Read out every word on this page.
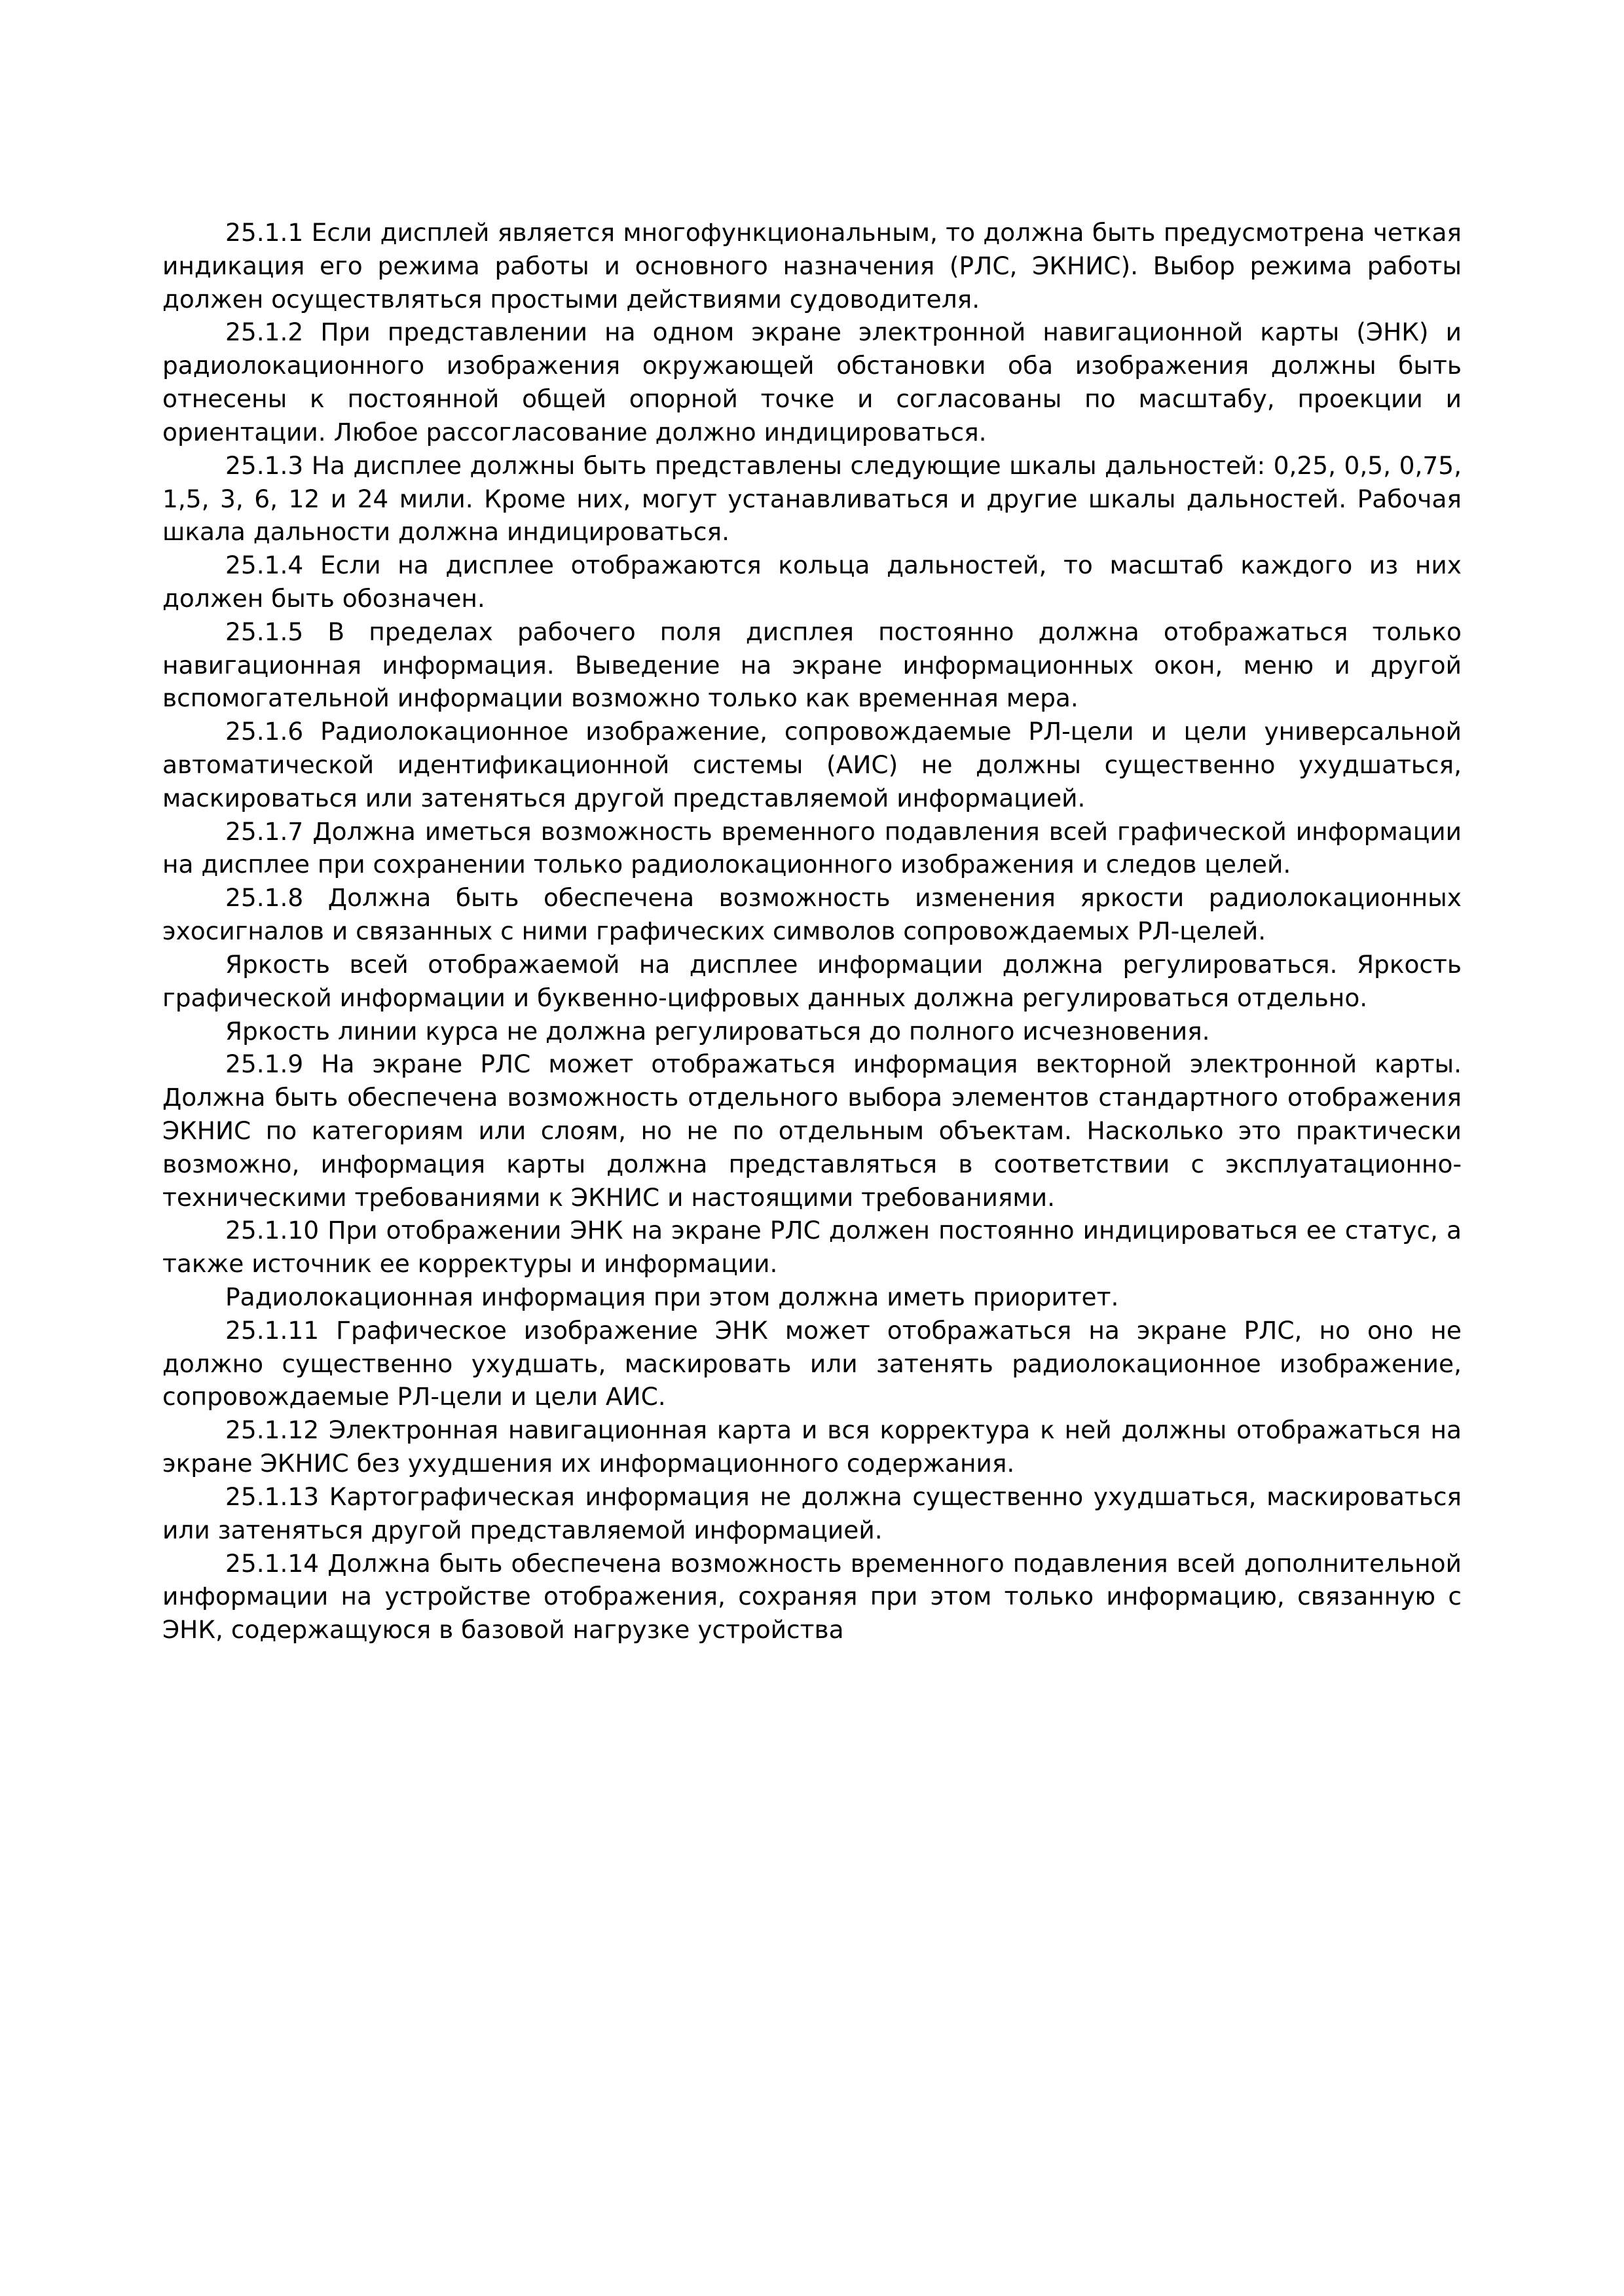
25.1.1 Если дисплей является многофункциональным, то должна быть предусмотрена четкая индикация его режима работы и основного назначения (РЛС, ЭКНИС). Выбор режима работы должен осуществляться простыми действиями судоводителя.

25.1.2 При представлении на одном экране электронной навигационной карты (ЭНК) и радиолокационного изображения окружающей обстановки оба изображения должны быть отнесены к постоянной общей опорной точке и согласованы по масштабу, проекции и ориентации. Любое рассогласование должно индицироваться.

25.1.3 На дисплее должны быть представлены следующие шкалы дальностей: 0,25, 0,5, 0,75, 1,5, 3, 6, 12 и 24 мили. Кроме них, могут устанавливаться и другие шкалы дальностей. Рабочая шкала дальности должна индицироваться.

25.1.4 Если на дисплее отображаются кольца дальностей, то масштаб каждого из них должен быть обозначен.

25.1.5 В пределах рабочего поля дисплея постоянно должна отображаться только навигационная информация. Выведение на экране информационных окон, меню и другой вспомогательной информации возможно только как временная мера.

25.1.6 Радиолокационное изображение, сопровождаемые РЛ-цели и цели универсальной автоматической идентификационной системы (АИС) не должны существенно ухудшаться, маскироваться или затеняться другой представляемой информацией.

25.1.7 Должна иметься возможность временного подавления всей графической информации на дисплее при сохранении только радиолокационного изображения и следов целей.

25.1.8 Должна быть обеспечена возможность изменения яркости радиолокационных эхосигналов и связанных с ними графических символов сопровождаемых РЛ-целей.

Яркость всей отображаемой на дисплее информации должна регулироваться. Яркость графической информации и буквенно-цифровых данных должна регулироваться отдельно.

Яркость линии курса не должна регулироваться до полного исчезновения.

25.1.9 На экране РЛС может отображаться информация векторной электронной карты. Должна быть обеспечена возможность отдельного выбора элементов стандартного отображения ЭКНИС по категориям или слоям, но не по отдельным объектам. Насколько это практически возможно, информация карты должна представляться в соответствии с эксплуатационно-техническими требованиями к ЭКНИС и настоящими требованиями.

25.1.10 При отображении ЭНК на экране РЛС должен постоянно индицироваться ее статус, а также источник ее корректуры и информации.

Радиолокационная информация при этом должна иметь приоритет.

25.1.11 Графическое изображение ЭНК может отображаться на экране РЛС, но оно не должно существенно ухудшать, маскировать или затенять радиолокационное изображение, сопровождаемые РЛ-цели и цели АИС.

25.1.12 Электронная навигационная карта и вся корректура к ней должны отображаться на экране ЭКНИС без ухудшения их информационного содержания.

25.1.13 Картографическая информация не должна существенно ухудшаться, маскироваться или затеняться другой представляемой информацией.

25.1.14 Должна быть обеспечена возможность временного подавления всей дополнительной информации на устройстве отображения, сохраняя при этом только информацию, связанную с ЭНК, содержащуюся в базовой нагрузке устройства
